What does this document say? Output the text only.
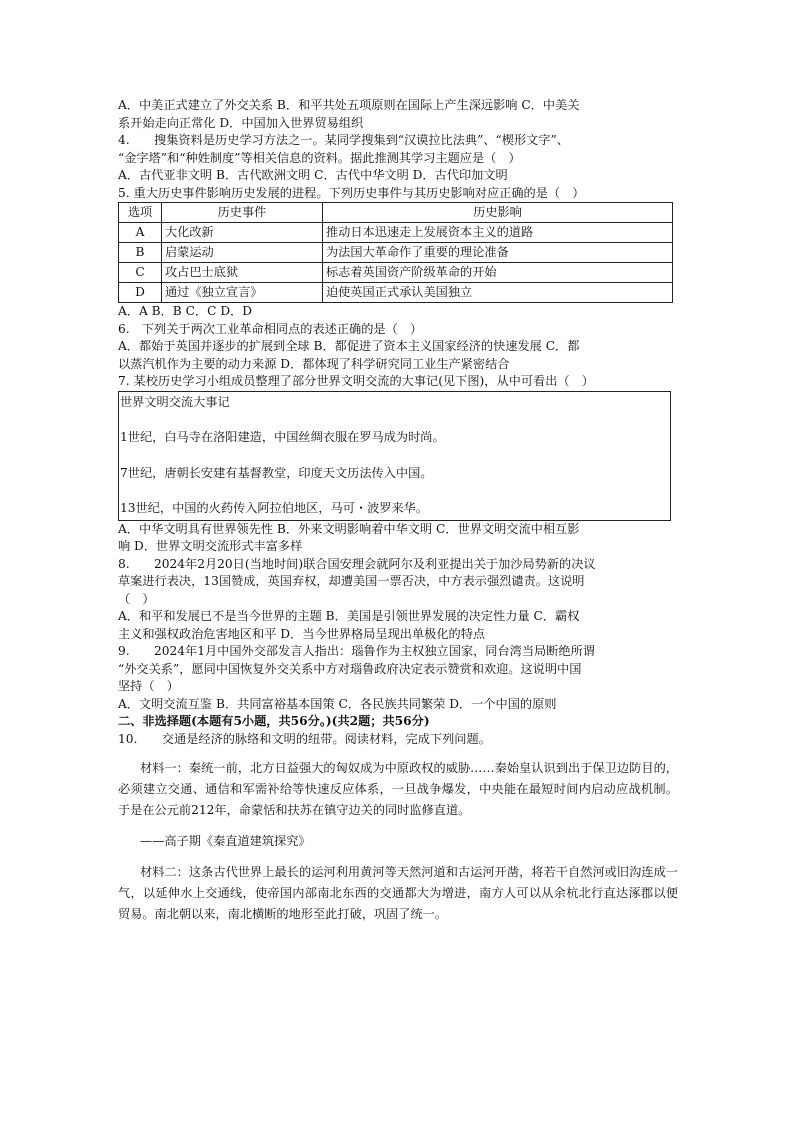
A．中美正式建立了外交关系 B．和平共处五项原则在国际上产生深远影响 C．中美关
系开始走向正常化 D．中国加入世界贸易组织
4.　　搜集资料是历史学习方法之一。某同学搜集到“汉谟拉比法典”、“楔形文字”、
“金字塔”和“种姓制度”等相关信息的资料。据此推测其学习主题应是（　）
A．古代亚非文明 B．古代欧洲文明 C．古代中华文明 D．古代印加文明
5. 重大历史事件影响历史发展的进程。下列历史事件与其历史影响对应正确的是（　）
选项	历史事件	历史影响
A	大化改新	推动日本迅速走上发展资本主义的道路
B	启蒙运动	为法国大革命作了重要的理论准备
C	攻占巴士底狱	标志着英国资产阶级革命的开始
D	通过《独立宣言》	迫使英国正式承认美国独立
A．A B．B C．C D．D
6.　下列关于两次工业革命相同点的表述正确的是（　）
A．都始于英国并逐步的扩展到全球 B．都促进了资本主义国家经济的快速发展 C．都
以蒸汽机作为主要的动力来源 D．都体现了科学研究同工业生产紧密结合
7. 某校历史学习小组成员整理了部分世界文明交流的大事记(见下图)，从中可看出（　）
世界文明交流大事记
1世纪，白马寺在洛阳建造，中国丝绸衣服在罗马成为时尚。
7世纪，唐朝长安建有基督教堂，印度天文历法传入中国。
13世纪，中国的火药传入阿拉伯地区，马可・波罗来华。
A．中华文明具有世界领先性 B．外来文明影响着中华文明 C．世界文明交流中相互影
响 D．世界文明交流形式丰富多样
8.　　2024年2月20日(当地时间)联合国安理会就阿尔及利亚提出关于加沙局势新的决议
草案进行表决，13国赞成，英国弃权，却遭美国一票否决，中方表示强烈谴责。这说明
（　）
A．和平和发展已不是当今世界的主题 B．美国是引领世界发展的决定性力量 C．霸权
主义和强权政治危害地区和平 D．当今世界格局呈现出单极化的特点
9.　　2024年1月中国外交部发言人指出：瑙鲁作为主权独立国家，同台湾当局断绝所谓
“外交关系”，愿同中国恢复外交关系中方对瑙鲁政府决定表示赞赏和欢迎。这说明中国
坚持（　）
A．文明交流互鉴 B．共同富裕基本国策 C．各民族共同繁荣 D．一个中国的原则
二、非选择题(本题有5小题，共56分。)(共2题；共56分)
10.　　交通是经济的脉络和文明的纽带。阅读材料，完成下列问题。
材料一：秦统一前，北方日益强大的匈奴成为中原政权的威胁……秦始皇认识到出于保卫边防目的，必须建立交通、通信和军需补给等快速反应体系，一旦战争爆发，中央能在最短时间内启动应战机制。于是在公元前212年，命蒙恬和扶苏在镇守边关的同时监修直道。
——高子期《秦直道建筑探究》
材料二：这条古代世界上最长的运河利用黄河等天然河道和古运河开凿，将若干自然河或旧沟连成一气，以延伸水上交通线，使帝国内部南北东西的交通都大为增进，南方人可以从余杭北行直达涿郡以便贸易。南北朝以来，南北横断的地形至此打破，巩固了统一。
